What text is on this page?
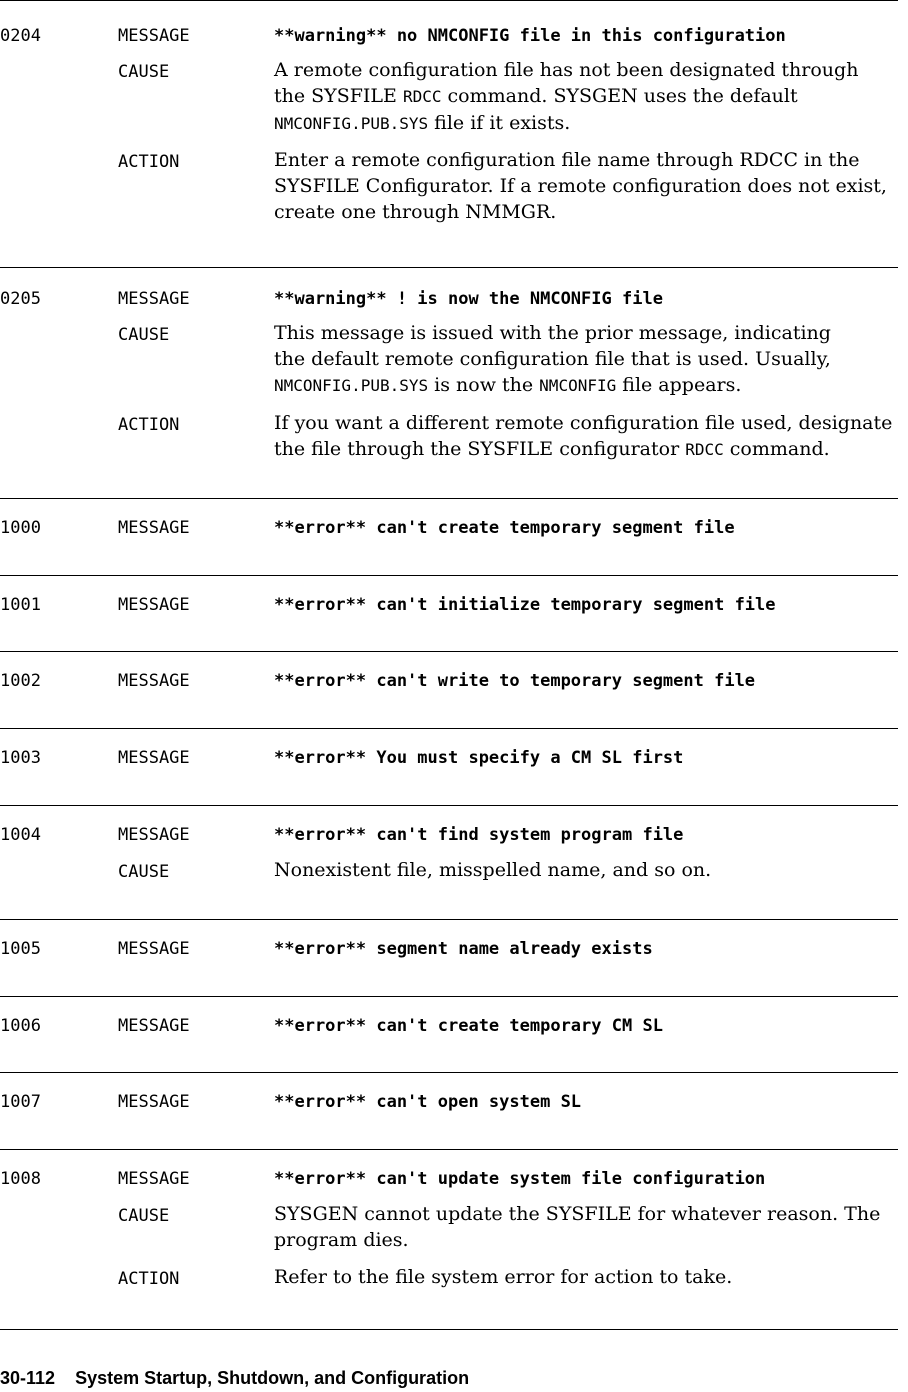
0204	MESSAGE	**warning** no NMCONFIG file in this configuration
CAUSE	A remote configuration file has not been designated through
the SYSFILE RDCC command. SYSGEN uses the default
NMCONFIG.PUB.SYS file if it exists.
ACTION	Enter a remote configuration file name through RDCC in the
SYSFILE Configurator. If a remote configuration does not exist,
create one through NMMGR.
0205	MESSAGE	**warning** ! is now the NMCONFIG file
CAUSE	This message is issued with the prior message, indicating
the default remote configuration file that is used. Usually,
NMCONFIG.PUB.SYS is now the NMCONFIG file appears.
ACTION	If you want a different remote configuration file used, designate
the file through the SYSFILE configurator RDCC command.
1000	MESSAGE	**error** can't create temporary segment file
1001	MESSAGE	**error** can't initialize temporary segment file
1002	MESSAGE	**error** can't write to temporary segment file
1003	MESSAGE	**error** You must specify a CM SL first
1004	MESSAGE	**error** can't find system program file
CAUSE	Nonexistent file, misspelled name, and so on.
1005	MESSAGE	**error** segment name already exists
1006	MESSAGE	**error** can't create temporary CM SL
1007	MESSAGE	**error** can't open system SL
1008	MESSAGE	**error** can't update system file configuration
CAUSE	SYSGEN cannot update the SYSFILE for whatever reason. The
program dies.
ACTION	Refer to the file system error for action to take.
30-112 System Startup, Shutdown, and Configuration
